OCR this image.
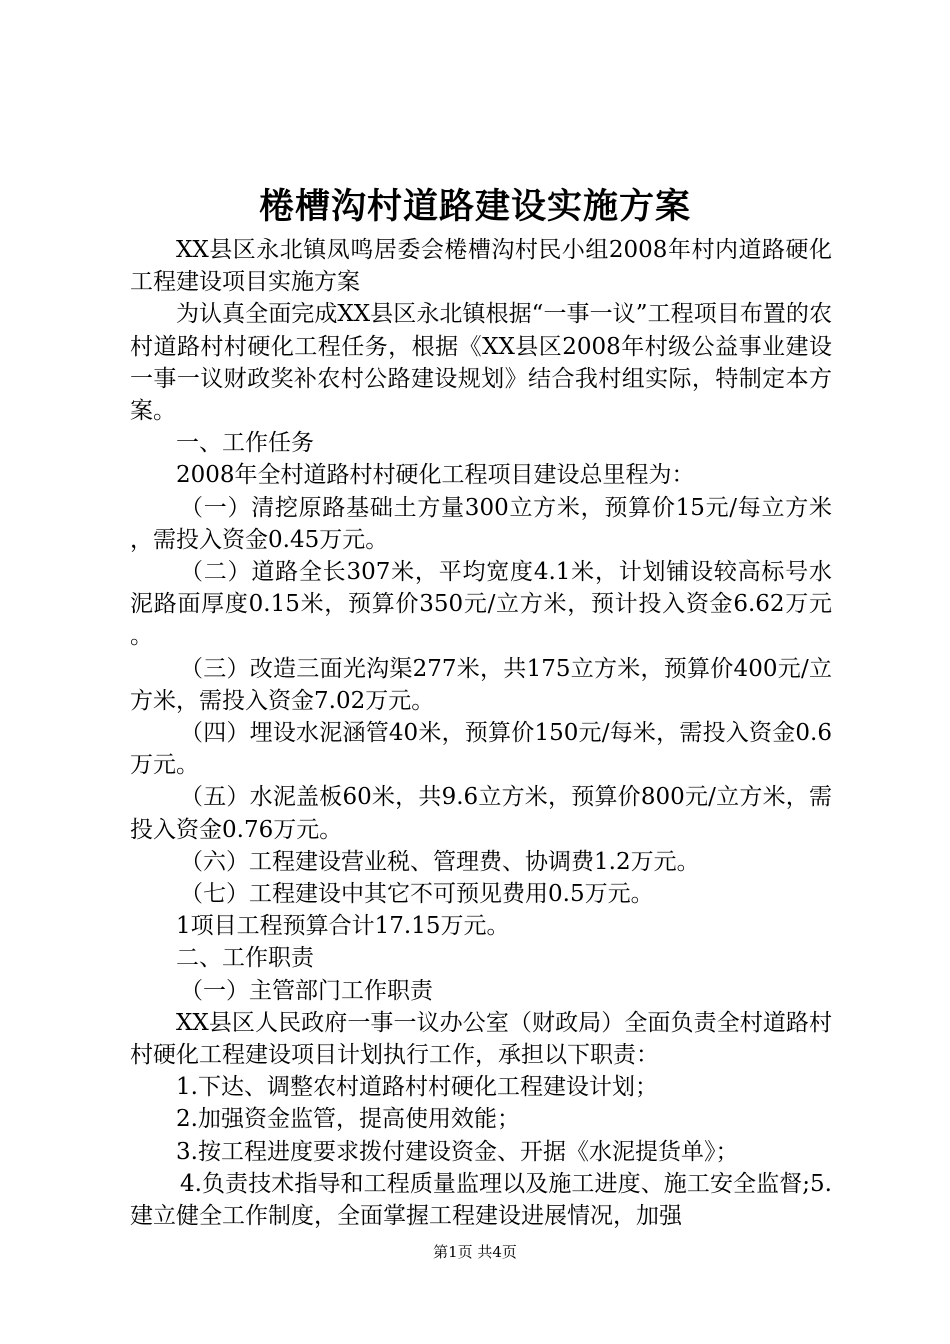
棬槽沟村道路建设实施方案

XX县区永北镇凤鸣居委会棬槽沟村民小组2008年村内道路硬化工程建设项目实施方案

为认真全面完成XX县区永北镇根据“一事一议”工程项目布置的农村道路村村硬化工程任务，根据《XX县区2008年村级公益事业建设一事一议财政奖补农村公路建设规划》结合我村组实际，特制定本方案。

一、工作任务

2008年全村道路村村硬化工程项目建设总里程为：

（一）清挖原路基础土方量300立方米，预算价15元/每立方米，需投入资金0.45万元。

（二）道路全长307米，平均宽度4.1米，计划铺设较高标号水泥路面厚度0.15米，预算价350元/立方米，预计投入资金6.62万元。

（三）改造三面光沟渠277米，共175立方米，预算价400元/立方米，需投入资金7.02万元。

（四）埋设水泥涵管40米，预算价150元/每米，需投入资金0.6万元。

（五）水泥盖板60米，共9.6立方米，预算价800元/立方米，需投入资金0.76万元。

（六）工程建设营业税、管理费、协调费1.2万元。

（七）工程建设中其它不可预见费用0.5万元。

1项目工程预算合计17.15万元。

二、工作职责

（一）主管部门工作职责

XX县区人民政府一事一议办公室（财政局）全面负责全村道路村村硬化工程建设项目计划执行工作，承担以下职责：

1.下达、调整农村道路村村硬化工程建设计划；

2.加强资金监管，提高使用效能；

3.按工程进度要求拨付建设资金、开据《水泥提货单》；

4.负责技术指导和工程质量监理以及施工进度、施工安全监督;5.建立健全工作制度，全面掌握工程建设进展情况，加强

第1页 共4页
